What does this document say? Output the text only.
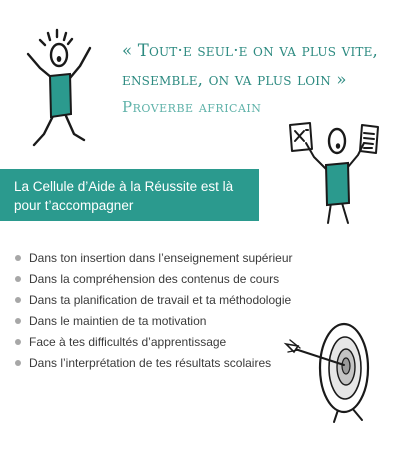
« Tout·e seul·e on va plus vite,
ensemble, on va plus loin »
Proverbe africain
La Cellule d’Aide à la Réussite est là
pour t’accompagner
Dans ton insertion dans l’enseignement supérieur
Dans la compréhension des contenus de cours
Dans ta planification de travail et ta méthodologie
Dans le maintien de ta motivation
Face à tes difficultés d’apprentissage
Dans l’interprétation de tes résultats scolaires
